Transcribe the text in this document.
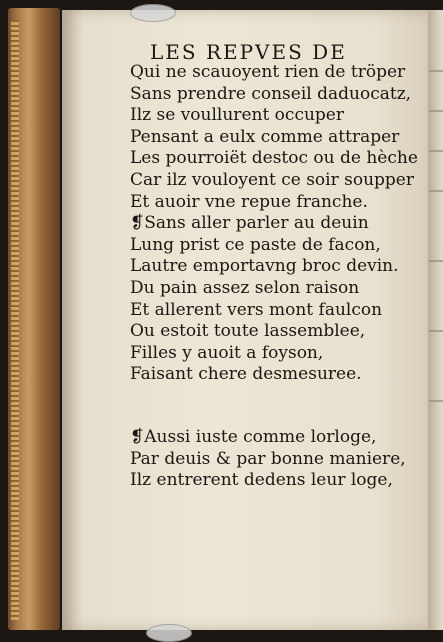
LES REPVES DE
Qui ne scauoyent rien de tröper
Sans prendre conseil daduocatz,
Ilz se voullurent occuper
Pensant a eulx comme attraper
Les pourroiët destoc ou de hèche
Car ilz vouloyent ce soir soupper
Et auoir vne repue franche.
❡Sans aller parler au deuin
Lung prist ce paste de facon,
Lautre emportavng broc devin.
Du pain assez selon raison
Et allerent vers mont faulcon
Ou estoit toute lassemblee,
Filles y auoit a foyson,
Faisant chere desmesuree.
❡Aussi iuste comme lorloge,
Par deuis & par bonne maniere,
Ilz entrerent dedens leur loge,
